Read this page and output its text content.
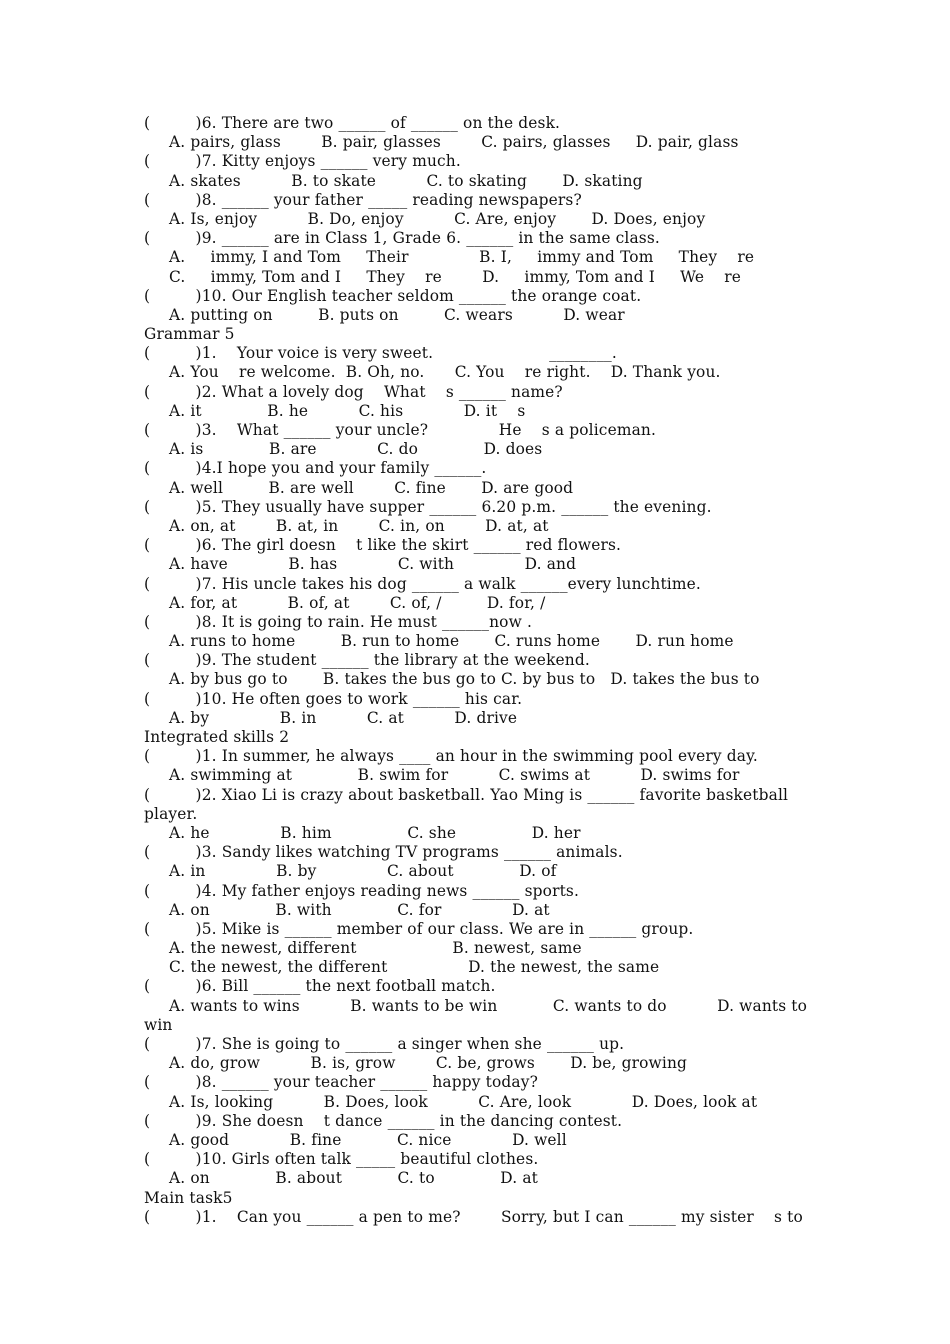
(         )6. There are two ______ of ______ on the desk.
A. pairs, glass        B. pair, glasses        C. pairs, glasses     D. pair, glass
(         )7. Kitty enjoys ______ very much.
A. skates          B. to skate          C. to skating       D. skating
(         )8. ______ your father _____ reading newspapers?
A. Is, enjoy          B. Do, enjoy          C. Are, enjoy       D. Does, enjoy
(         )9. ______ are in Class 1, Grade 6. ______ in the same class.
A.     immy, I and Tom     Their              B. I,     immy and Tom     They    re
C.     immy, Tom and I     They    re        D.     immy, Tom and I     We    re
(         )10. Our English teacher seldom ______ the orange coat.
A. putting on         B. puts on         C. wears          D. wear
Grammar 5
(         )1.    Your voice is very sweet.                       ________.
A. You    re welcome.  B. Oh, no.      C. You    re right.    D. Thank you.
(         )2. What a lovely dog    What    s ______ name?
A. it             B. he          C. his            D. it    s
(         )3.    What ______ your uncle?              He    s a policeman.
A. is             B. are            C. do             D. does
(         )4.I hope you and your family ______.
A. well         B. are well        C. fine       D. are good
(         )5. They usually have supper ______ 6.20 p.m. ______ the evening.
A. on, at        B. at, in        C. in, on        D. at, at
(         )6. The girl doesn    t like the skirt ______ red flowers.
A. have            B. has            C. with              D. and
(         )7. His uncle takes his dog ______ a walk ______every lunchtime.
A. for, at          B. of, at        C. of, /         D. for, /
(         )8. It is going to rain. He must ______now .
A. runs to home         B. run to home       C. runs home       D. run home
(         )9. The student ______ the library at the weekend.
A. by bus go to       B. takes the bus go to C. by bus to   D. takes the bus to
(         )10. He often goes to work ______ his car.
A. by              B. in          C. at          D. drive
Integrated skills 2
(         )1. In summer, he always ____ an hour in the swimming pool every day.
A. swimming at             B. swim for          C. swims at          D. swims for
(         )2. Xiao Li is crazy about basketball. Yao Ming is ______ favorite basketball
player.
A. he              B. him               C. she               D. her
(         )3. Sandy likes watching TV programs ______ animals.
A. in              B. by              C. about             D. of
(         )4. My father enjoys reading news ______ sports.
A. on             B. with             C. for              D. at
(         )5. Mike is ______ member of our class. We are in ______ group.
A. the newest, different                   B. newest, same
C. the newest, the different                D. the newest, the same
(         )6. Bill ______ the next football match.
A. wants to wins          B. wants to be win           C. wants to do          D. wants to
win
(         )7. She is going to ______ a singer when she ______ up.
A. do, grow          B. is, grow        C. be, grows       D. be, growing
(         )8. ______ your teacher ______ happy today?
A. Is, looking          B. Does, look          C. Are, look            D. Does, look at
(         )9. She doesn    t dance ______ in the dancing contest.
A. good            B. fine           C. nice            D. well
(         )10. Girls often talk _____ beautiful clothes.
A. on             B. about           C. to             D. at
Main task5
(         )1.    Can you ______ a pen to me?        Sorry, but I can ______ my sister    s to
